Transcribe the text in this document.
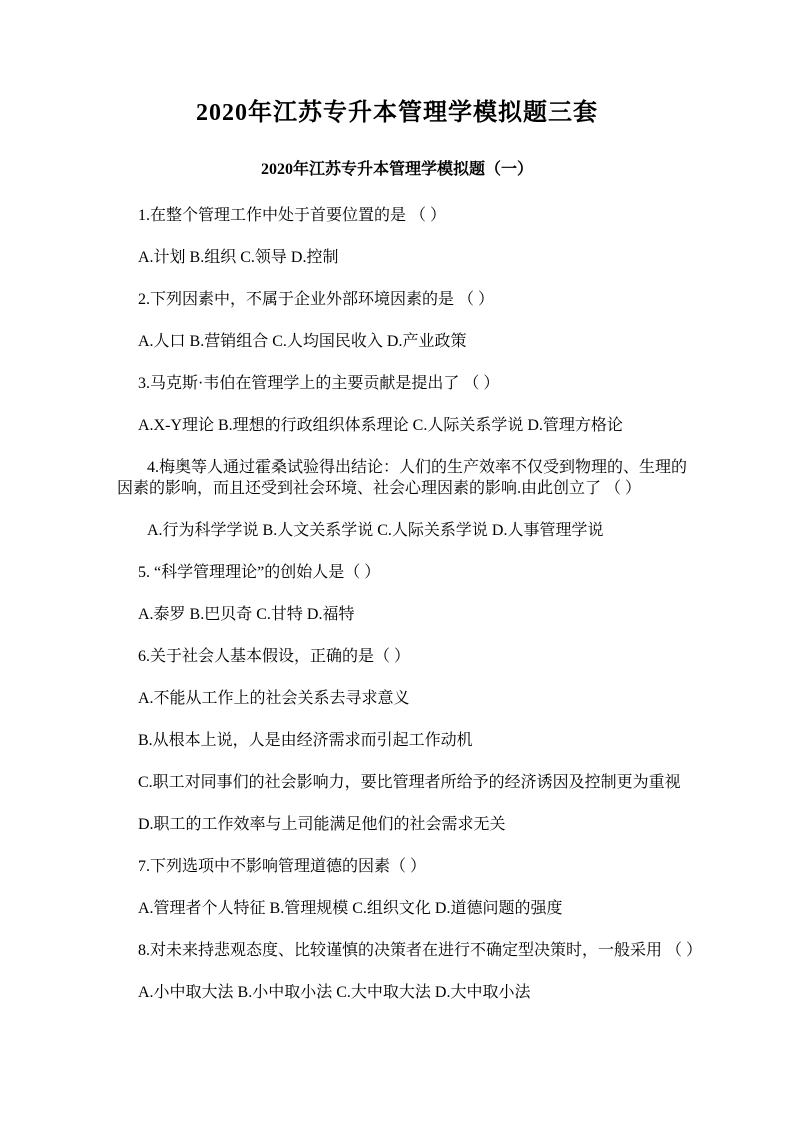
2020年江苏专升本管理学模拟题三套
2020年江苏专升本管理学模拟题（一）

1.在整个管理工作中处于首要位置的是 （ ）

A.计划 B.组织 C.领导 D.控制

2.下列因素中，不属于企业外部环境因素的是 （ ）

A.人口 B.营销组合 C.人均国民收入 D.产业政策

3.马克斯·韦伯在管理学上的主要贡献是提出了 （ ）

A.X-Y理论 B.理想的行政组织体系理论 C.人际关系学说 D.管理方格论

4.梅奥等人通过霍桑试验得出结论：人们的生产效率不仅受到物理的、生理的因素的影响，而且还受到社会环境、社会心理因素的影响.由此创立了 （ ）

A.行为科学学说 B.人文关系学说 C.人际关系学说 D.人事管理学说

5. “科学管理理论”的创始人是（ ）

A.泰罗 B.巴贝奇 C.甘特 D.福特

6.关于社会人基本假设，正确的是（ ）

A.不能从工作上的社会关系去寻求意义

B.从根本上说，人是由经济需求而引起工作动机

C.职工对同事们的社会影响力，要比管理者所给予的经济诱因及控制更为重视

D.职工的工作效率与上司能满足他们的社会需求无关

7.下列选项中不影响管理道德的因素（ ）

A.管理者个人特征 B.管理规模 C.组织文化 D.道德问题的强度

8.对未来持悲观态度、比较谨慎的决策者在进行不确定型决策时，一般采用 （ ）

A.小中取大法 B.小中取小法 C.大中取大法 D.大中取小法
